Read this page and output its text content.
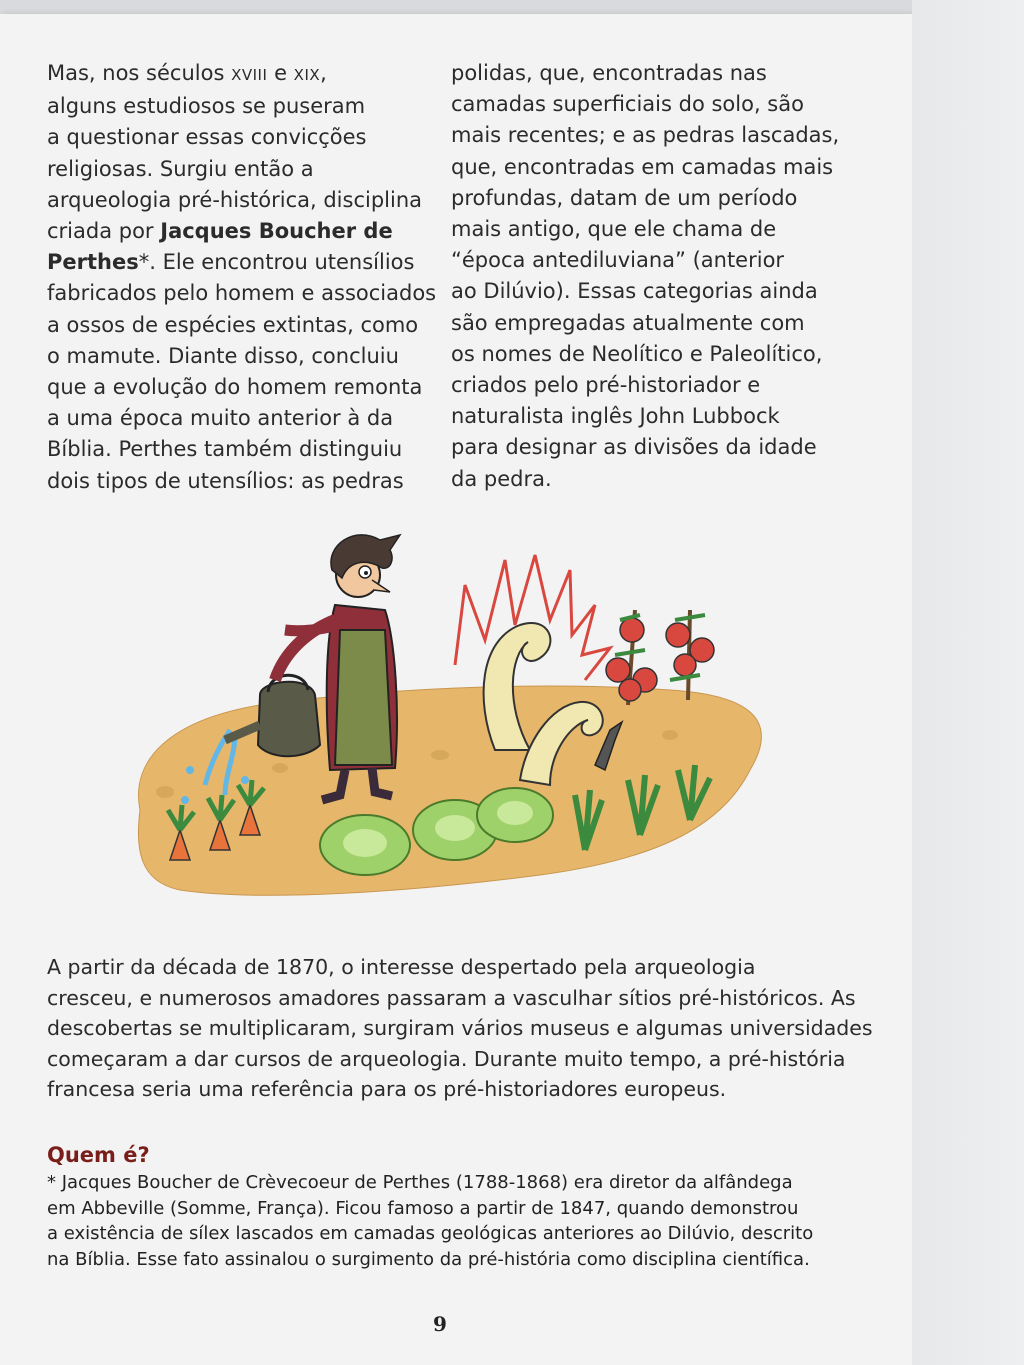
Mas, nos séculos XVIII e XIX,
alguns estudiosos se puseram
a questionar essas convicções
religiosas. Surgiu então a
arqueologia pré-histórica, disciplina
criada por Jacques Boucher de
Perthes*. Ele encontrou utensílios
fabricados pelo homem e associados
a ossos de espécies extintas, como
o mamute. Diante disso, concluiu
que a evolução do homem remonta
a uma época muito anterior à da
Bíblia. Perthes também distinguiu
dois tipos de utensílios: as pedras
polidas, que, encontradas nas
camadas superficiais do solo, são
mais recentes; e as pedras lascadas,
que, encontradas em camadas mais
profundas, datam de um período
mais antigo, que ele chama de
“época antediluviana” (anterior
ao Dilúvio). Essas categorias ainda
são empregadas atualmente com
os nomes de Neolítico e Paleolítico,
criados pelo pré-historiador e
naturalista inglês John Lubbock
para designar as divisões da idade
da pedra.
A partir da década de 1870, o interesse despertado pela arqueologia
cresceu, e numerosos amadores passaram a vasculhar sítios pré-históricos. As
descobertas se multiplicaram, surgiram vários museus e algumas universidades
começaram a dar cursos de arqueologia. Durante muito tempo, a pré-história
francesa seria uma referência para os pré-historiadores europeus.
Quem é?
* Jacques Boucher de Crèvecoeur de Perthes (1788-1868) era diretor da alfândega
em Abbeville (Somme, França). Ficou famoso a partir de 1847, quando demonstrou
a existência de sílex lascados em camadas geológicas anteriores ao Dilúvio, descrito
na Bíblia. Esse fato assinalou o surgimento da pré-história como disciplina científica.
9
